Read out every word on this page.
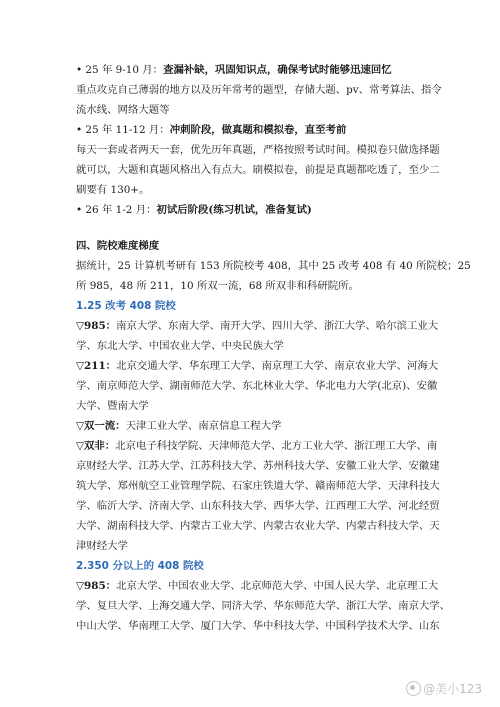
• 25 年 9-10 月：查漏补缺，巩固知识点，确保考试时能够迅速回忆
重点攻克自己薄弱的地方以及历年常考的题型，存储大题、pv、常考算法、指令
流水线、网络大题等
• 25 年 11-12 月：冲刺阶段，做真题和模拟卷，直至考前
每天一套或者两天一套，优先历年真题，严格按照考试时间。模拟卷只做选择题
就可以，大题和真题风格出入有点大。刷模拟卷，前提是真题都吃透了，至少二
刷要有 130+。
• 26 年 1-2 月：初试后阶段(练习机试，准备复试)
四、院校难度梯度
据统计，25 计算机考研有 153 所院校考 408，其中 25 改考 408 有 40 所院校；25
所 985，48 所 211，10 所双一流，68 所双非和科研院所。
1.25 改考 408 院校
▽985：南京大学、东南大学、南开大学、四川大学、浙江大学、哈尔滨工业大
学、东北大学、中国农业大学、中央民族大学
▽211：北京交通大学、华东理工大学、南京理工大学、南京农业大学、河海大
学、南京师范大学、湖南师范大学、东北林业大学、华北电力大学(北京)、安徽
大学、暨南大学
▽双一流：天津工业大学、南京信息工程大学
▽双非：北京电子科技学院、天津师范大学、北方工业大学、浙江理工大学、南
京财经大学、江苏大学、江苏科技大学、苏州科技大学、安徽工业大学、安徽建
筑大学、郑州航空工业管理学院、石家庄铁道大学、赣南师范大学、天津科技大
学、临沂大学、济南大学、山东科技大学、西华大学、江西理工大学、河北经贸
大学、湖南科技大学、内蒙古工业大学、内蒙古农业大学、内蒙古科技大学、天
津财经大学
2.350 分以上的 408 院校
▽985：北京大学、中国农业大学、北京师范大学、中国人民大学、北京理工大
学、复旦大学、上海交通大学、同济大学、华东师范大学、浙江大学、南京大学、
中山大学、华南理工大学、厦门大学、华中科技大学、中国科学技术大学、山东
@美小123
